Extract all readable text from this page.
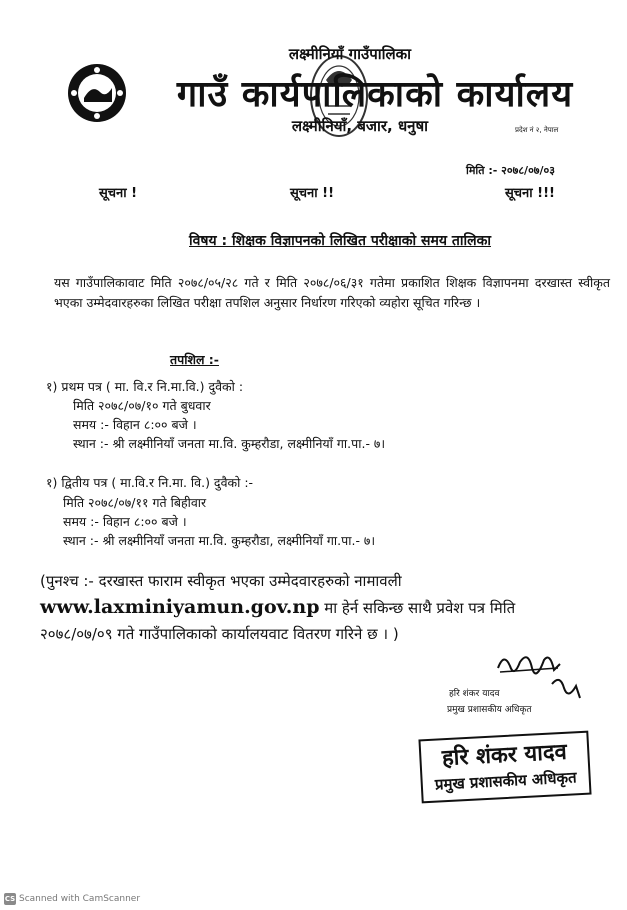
लक्ष्मीनियाँ गाउँपालिका
गाउँ कार्यपालिकाको कार्यालय
लक्ष्मीनियाँ, बजार, धनुषा	प्रदेश नं २, नेपाल
मिति :- २०७८/०७/०३
सूचना !	सूचना !!	सूचना !!!
विषय : शिक्षक विज्ञापनको लिखित परीक्षाको समय तालिका
यस गाउँपालिकावाट मिति २०७८/०५/२८ गते र मिति २०७८/०६/३१ गतेमा प्रकाशित शिक्षक विज्ञापनमा दरखास्त स्वीकृत भएका उम्मेदवारहरुका लिखित परीक्षा तपशिल अनुसार निर्धारण गरिएको व्यहोरा सूचित गरिन्छ ।
तपशिल :-
१) प्रथम पत्र ( मा. वि.र नि.मा.वि.) दुवैको :
मिति २०७८/०७/१० गते बुधवार
समय :- विहान ८:०० बजे ।
स्थान :- श्री लक्ष्मीनियाँ जनता मा.वि. कुम्हरौडा, लक्ष्मीनियाँ गा.पा.- ७।
१) द्वितीय पत्र ( मा.वि.र नि.मा. वि.) दुवैको :-
मिति २०७८/०७/११ गते बिहीवार
समय :- विहान ८:०० बजे ।
स्थान :- श्री लक्ष्मीनियाँ जनता मा.वि. कुम्हरौडा, लक्ष्मीनियाँ गा.पा.- ७।
(पुनश्च :- दरखास्त फाराम स्वीकृत भएका उम्मेदवारहरुको नामावली
www.laxminiyamun.gov.np मा हेर्न सकिन्छ साथै प्रवेश पत्र मिति
२०७८/०७/०९ गते गाउँपालिकाको कार्यालयवाट वितरण गरिने छ । )
हरि शंकर यादव
प्रमुख प्रशासकीय अधिकृत
हरि शंकर यादव
प्रमुख प्रशासकीय अधिकृत
CS Scanned with CamScanner
